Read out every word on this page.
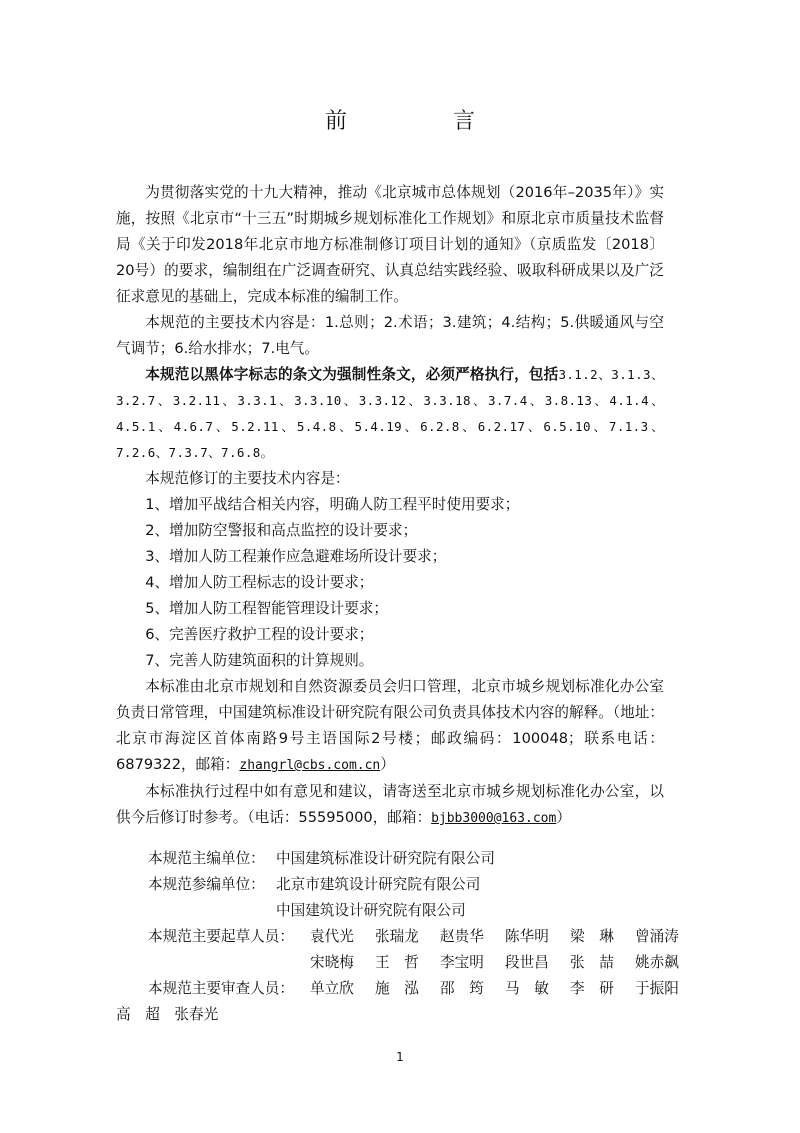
前　言

为贯彻落实党的十九大精神，推动《北京城市总体规划（2016年–2035年）》实施，按照《北京市“十三五”时期城乡规划标准化工作规划》和原北京市质量技术监督局《关于印发2018年北京市地方标准制修订项目计划的通知》（京质监发〔2018〕20号）的要求，编制组在广泛调查研究、认真总结实践经验、吸取科研成果以及广泛征求意见的基础上，完成本标准的编制工作。

本规范的主要技术内容是：1.总则；2.术语；3.建筑；4.结构；5.供暖通风与空气调节；6.给水排水；7.电气。

本规范以黑体字标志的条文为强制性条文，必须严格执行，包括3.1.2、3.1.3、3.2.7、3.2.11、3.3.1、3.3.10、3.3.12、3.3.18、3.7.4、3.8.13、4.1.4、4.5.1、4.6.7、5.2.11、5.4.8、5.4.19、6.2.8、6.2.17、6.5.10、7.1.3、7.2.6、7.3.7、7.6.8。

本规范修订的主要技术内容是：

1、增加平战结合相关内容，明确人防工程平时使用要求；

2、增加防空警报和高点监控的设计要求；

3、增加人防工程兼作应急避难场所设计要求；

4、增加人防工程标志的设计要求；

5、增加人防工程智能管理设计要求；

6、完善医疗救护工程的设计要求；

7、完善人防建筑面积的计算规则。

本标准由北京市规划和自然资源委员会归口管理，北京市城乡规划标准化办公室负责日常管理，中国建筑标准设计研究院有限公司负责具体技术内容的解释。（地址：北京市海淀区首体南路9号主语国际2号楼；邮政编码：100048；联系电话：6879322，邮箱：zhangrl@cbs.com.cn）

本标准执行过程中如有意见和建议，请寄送至北京市城乡规划标准化办公室，以供今后修订时参考。（电话：55595000，邮箱：bjbb3000@163.com）

本规范主编单位： 中国建筑标准设计研究院有限公司
本规范参编单位： 北京市建筑设计研究院有限公司
中国建筑设计研究院有限公司
本规范主要起草人员： 袁代光	张瑞龙	赵贵华	陈华明	梁　琳	曾涌涛
宋晓梅	王　哲	李宝明	段世昌	张　喆	姚赤飙
本规范主要审查人员： 单立欣	施　泓	邵　筠	马　敏	李　研	于振阳
高　超　张春光
1
